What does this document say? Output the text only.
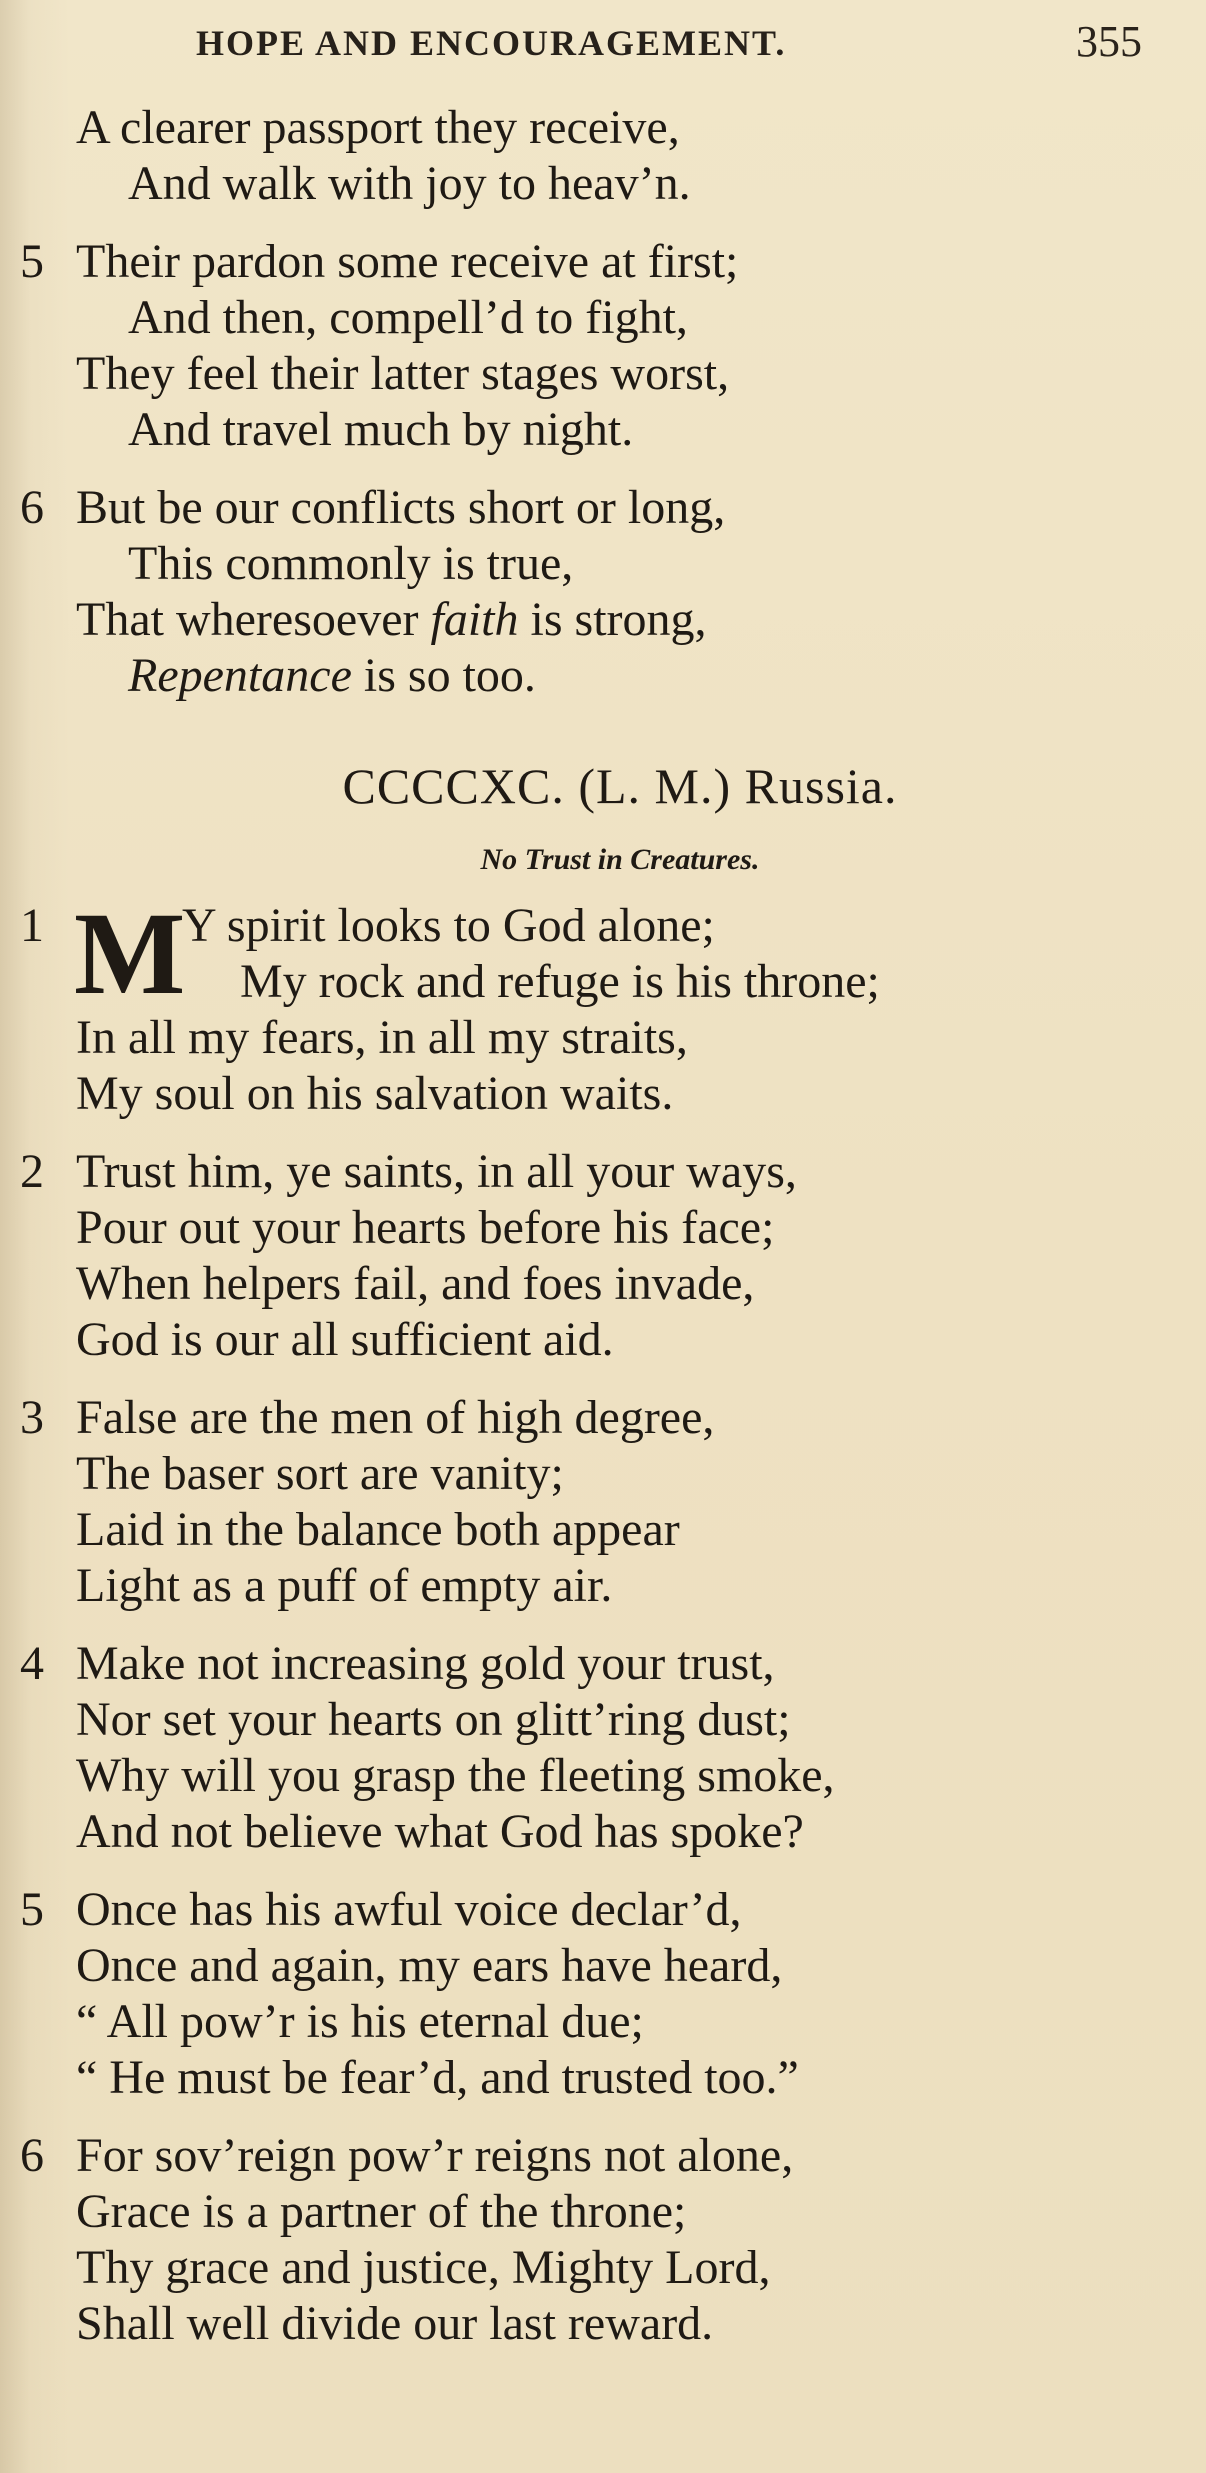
HOPE AND ENCOURAGEMENT.	355
A clearer passport they receive,
And walk with joy to heav’n.
5 Their pardon some receive at first;
And then, compell’d to fight,
They feel their latter stages worst,
And travel much by night.
6 But be our conflicts short or long,
This commonly is true,
That wheresoever faith is strong,
Repentance is so too.
CCCCXC. (L. M.) Russia.
No Trust in Creatures.
1 M
Y spirit looks to God alone;
My rock and refuge is his throne;
In all my fears, in all my straits,
My soul on his salvation waits.
2 Trust him, ye saints, in all your ways,
Pour out your hearts before his face;
When helpers fail, and foes invade,
God is our all sufficient aid.
3 False are the men of high degree,
The baser sort are vanity;
Laid in the balance both appear
Light as a puff of empty air.
4 Make not increasing gold your trust,
Nor set your hearts on glitt’ring dust;
Why will you grasp the fleeting smoke,
And not believe what God has spoke?
5 Once has his awful voice declar’d,
Once and again, my ears have heard,
“ All pow’r is his eternal due;
“ He must be fear’d, and trusted too.”
6 For sov’reign pow’r reigns not alone,
Grace is a partner of the throne;
Thy grace and justice, Mighty Lord,
Shall well divide our last reward.
